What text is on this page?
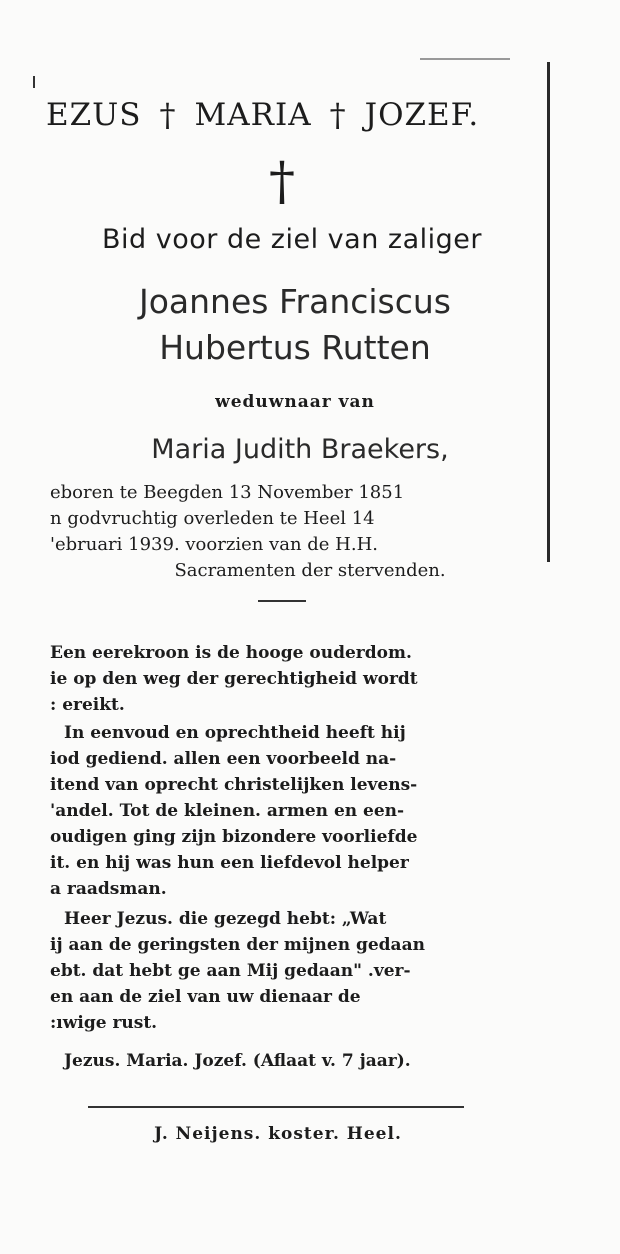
EZUS † MARIA † JOZEF.
†
Bid voor de ziel van zaliger
Joannes Franciscus
Hubertus Rutten
weduwnaar van
Maria Judith Braekers,
eboren te Beegden 13 November 1851
n godvruchtig overleden te Heel 14
'ebruari 1939. voorzien van de H.H.
Sacramenten der stervenden.
Een eerekroon is de hooge ouderdom.
ie op den weg der gerechtigheid wordt
: ereikt.
In eenvoud en oprechtheid heeft hij
iod gediend. allen een voorbeeld na-
itend van oprecht christelijken levens-
'andel. Tot de kleinen. armen en een-
oudigen ging zijn bizondere voorliefde
it. en hij was hun een liefdevol helper
a raadsman.
Heer Jezus. die gezegd hebt: „Wat
ij aan de geringsten der mijnen gedaan
ebt. dat hebt ge aan Mij gedaan" .ver-
en aan de ziel van uw dienaar de
:ıwige rust.
Jezus. Maria. Jozef. (Aflaat v. 7 jaar).
J. Neijens. koster. Heel.
